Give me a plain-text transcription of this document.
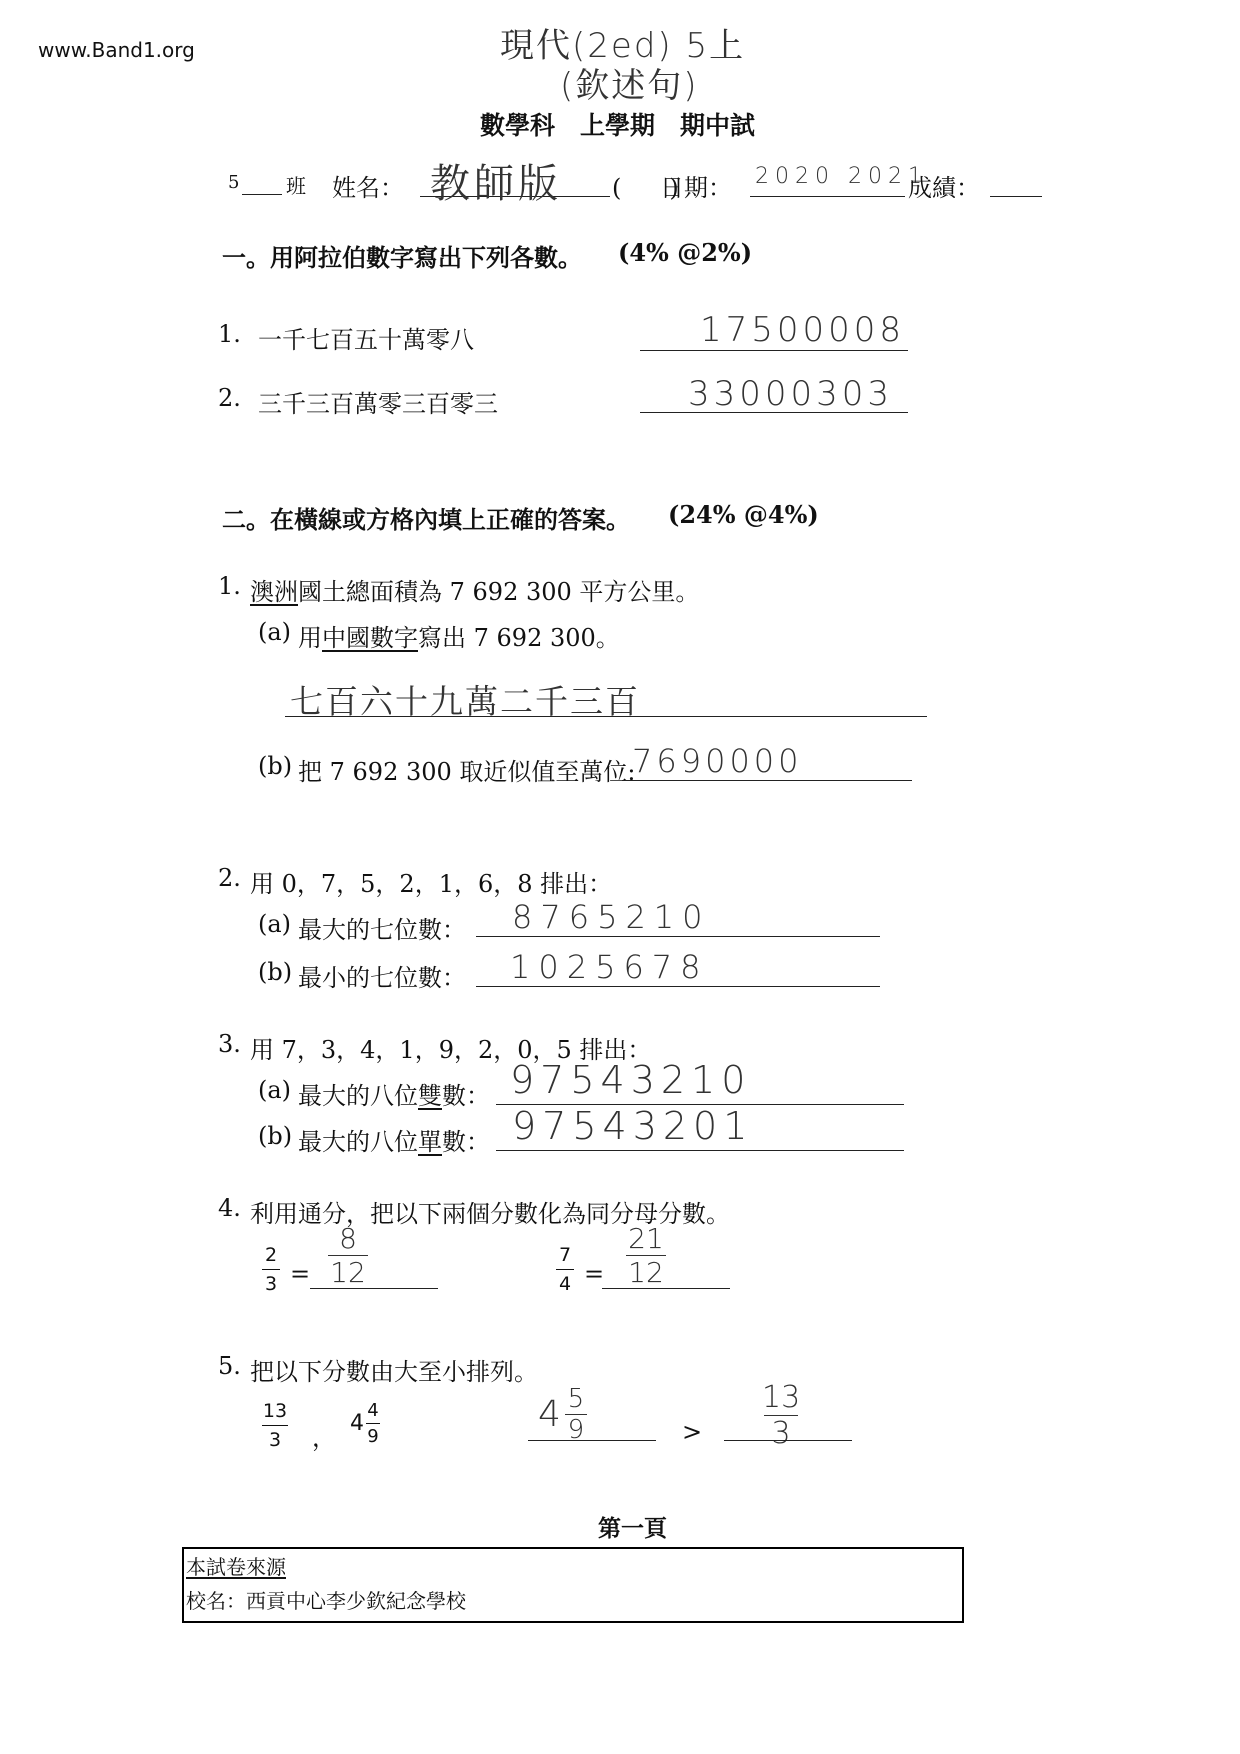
www.Band1.org	現代(2ed) 5上
(欽述句)
數學科　上學期　期中試
5 班 姓名： 教師版 (　　)
日期： 2020 2021
成績：
一。用阿拉伯數字寫出下列各數。 (4% @2%)
1. 一千七百五十萬零八	17500008
2. 三千三百萬零三百零三	33000303
二。在橫線或方格內填上正確的答案。 (24% @4%)
1. 澳洲國土總面積為 7 692 300 平方公里。
(a) 用中國數字寫出 7 692 300。
七百六十九萬二千三百
(b) 把 7 692 300 取近似值至萬位:
7690000
2. 用 0，7，5，2，1，6，8 排出：
(a) 最大的七位數： 8765210
(b) 最小的七位數： 1025678
3. 用 7，3，4，1，9，2，0，5 排出：
(a) 最大的八位雙數： 97543210
(b) 最大的八位單數： 97543201
4. 利用通分，把以下兩個分數化為同分母分數。
2
3 =
8
12
7
4 =
21
12
5. 把以下分數由大至小排列。
13
3 ，
4
4
9
4 5
9	>
13
3
第一頁
本試卷來源
校名：西貢中心李少欽紀念學校
